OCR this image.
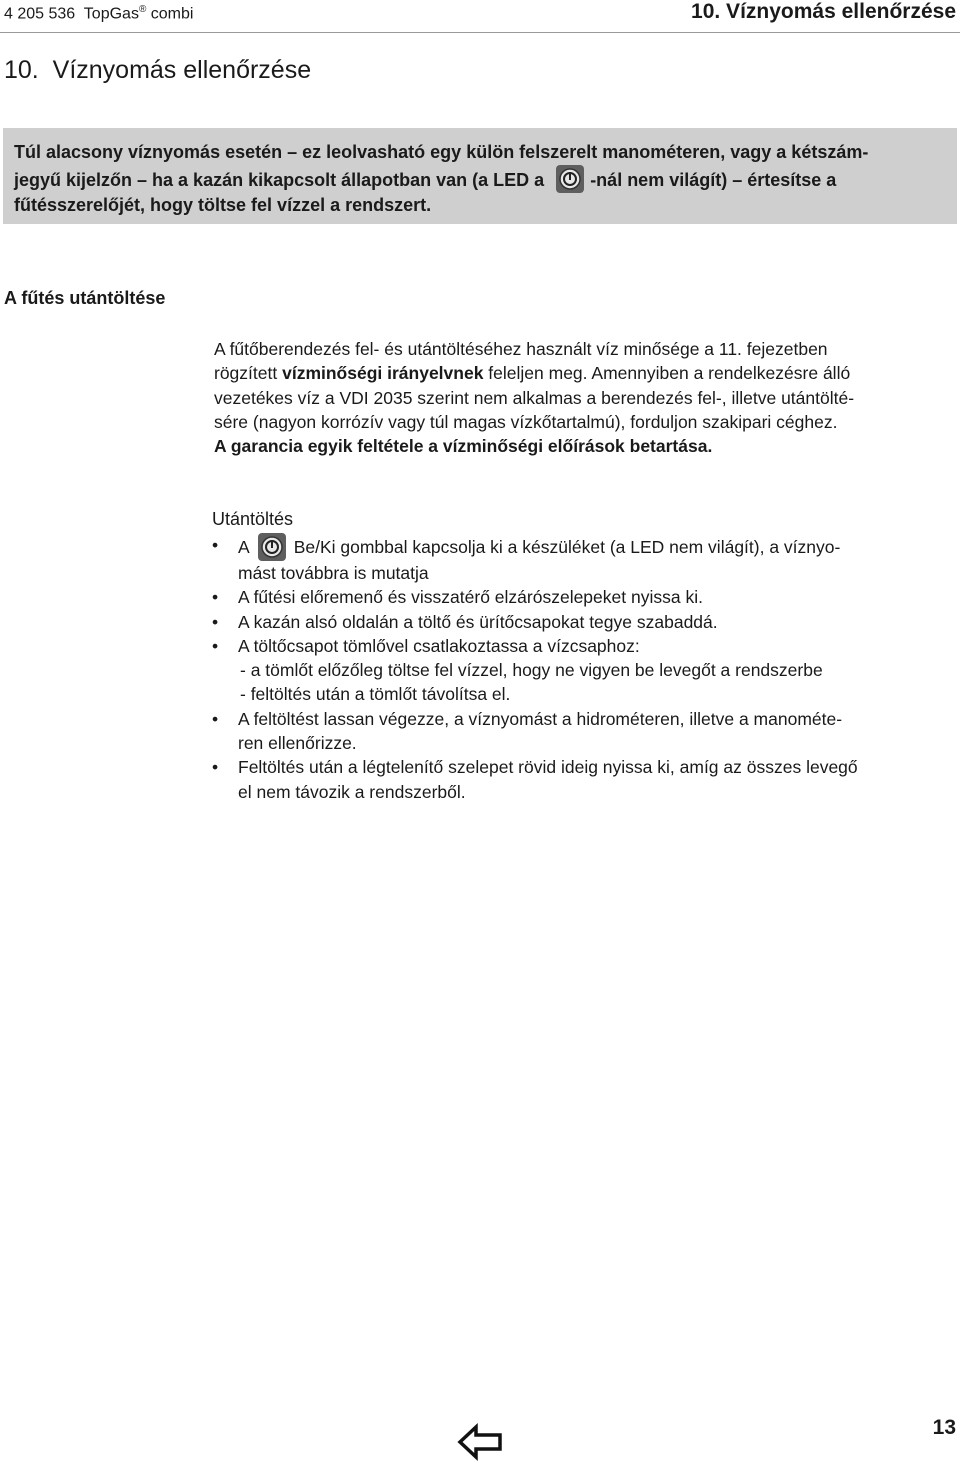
4 205 536 TopGas® combi	10. Víznyomás ellenőrzése
10.  Víznyomás ellenőrzése
Túl alacsony víznyomás esetén – ez leolvasható egy külön felszerelt manométeren, vagy a kétszám-
jegyű kijelzőn – ha a kazán kikapcsolt állapotban van (a LED a	-nál nem világít) – értesítse a
fűtésszerelőjét, hogy töltse fel vízzel a rendszert.
A fűtés utántöltése
A fűtőberendezés fel- és utántöltéséhez használt víz minősége a 11. fejezetben
rögzített vízminőségi irányelvnek feleljen meg. Amennyiben a rendelkezésre álló
vezetékes víz a VDI 2035 szerint nem alkalmas a berendezés fel-, illetve utántölté-
sére (nagyon korrózív vagy túl magas vízkőtartalmú), forduljon szakipari céghez.
A garancia egyik feltétele a vízminőségi előírások betartása.
Utántöltés
• A	Be/Ki gombbal kapcsolja ki a készüléket (a LED nem világít), a víznyo-
mást továbbra is mutatja
• A fűtési előremenő és visszatérő elzárószelepeket nyissa ki.
• A kazán alsó oldalán a töltő és ürítőcsapokat tegye szabaddá.
• A töltőcsapot tömlővel csatlakoztassa a vízcsaphoz:
- a tömlőt előzőleg töltse fel vízzel, hogy ne vigyen be levegőt a rendszerbe
- feltöltés után a tömlőt távolítsa el.
• A feltöltést lassan végezze, a víznyomást a hidrométeren, illetve a manométe-
ren ellenőrizze.
• Feltöltés után a légtelenítő szelepet rövid ideig nyissa ki, amíg az összes levegő
el nem távozik a rendszerből.
13
